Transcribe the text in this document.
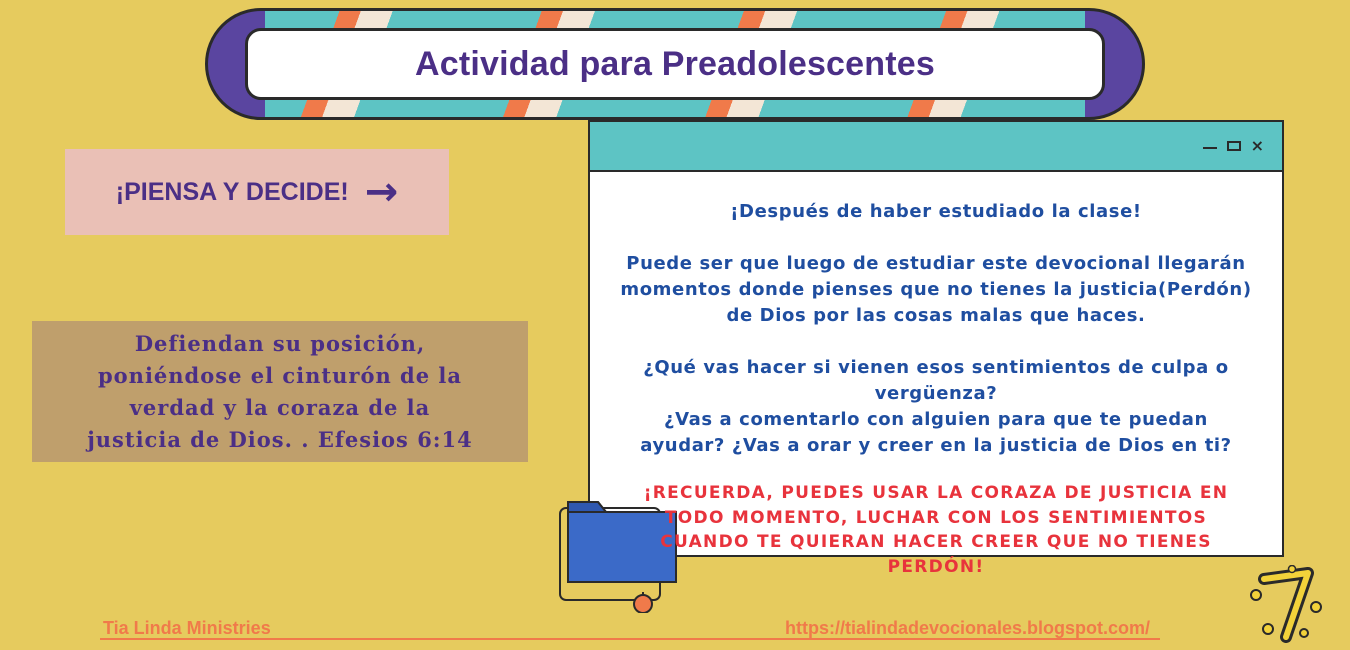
Actividad para Preadolescentes
¡PIENSA Y DECIDE! →

Defiendan su posición,
poniéndose el cinturón de la
verdad y la coraza de la
justicia de Dios. . Efesios 6:14

×

¡Después de haber estudiado la clase!

Puede ser que luego de estudiar este devocional llegarán
momentos donde pienses que no tienes la justicia(Perdón)
de Dios por las cosas malas que haces.

¿Qué vas hacer si vienen esos sentimientos de culpa o
vergüenza?
¿Vas a comentarlo con alguien para que te puedan
ayudar? ¿Vas a orar y creer en la justicia de Dios en ti?

¡RECUERDA, PUEDES USAR LA CORAZA DE JUSTICIA EN
TODO MOMENTO, LUCHAR CON LOS SENTIMIENTOS
CUANDO TE QUIERAN HACER CREER QUE NO TIENES
PERDÓN!
Tia Linda Ministries	https://tialindadevocionales.blogspot.com/
